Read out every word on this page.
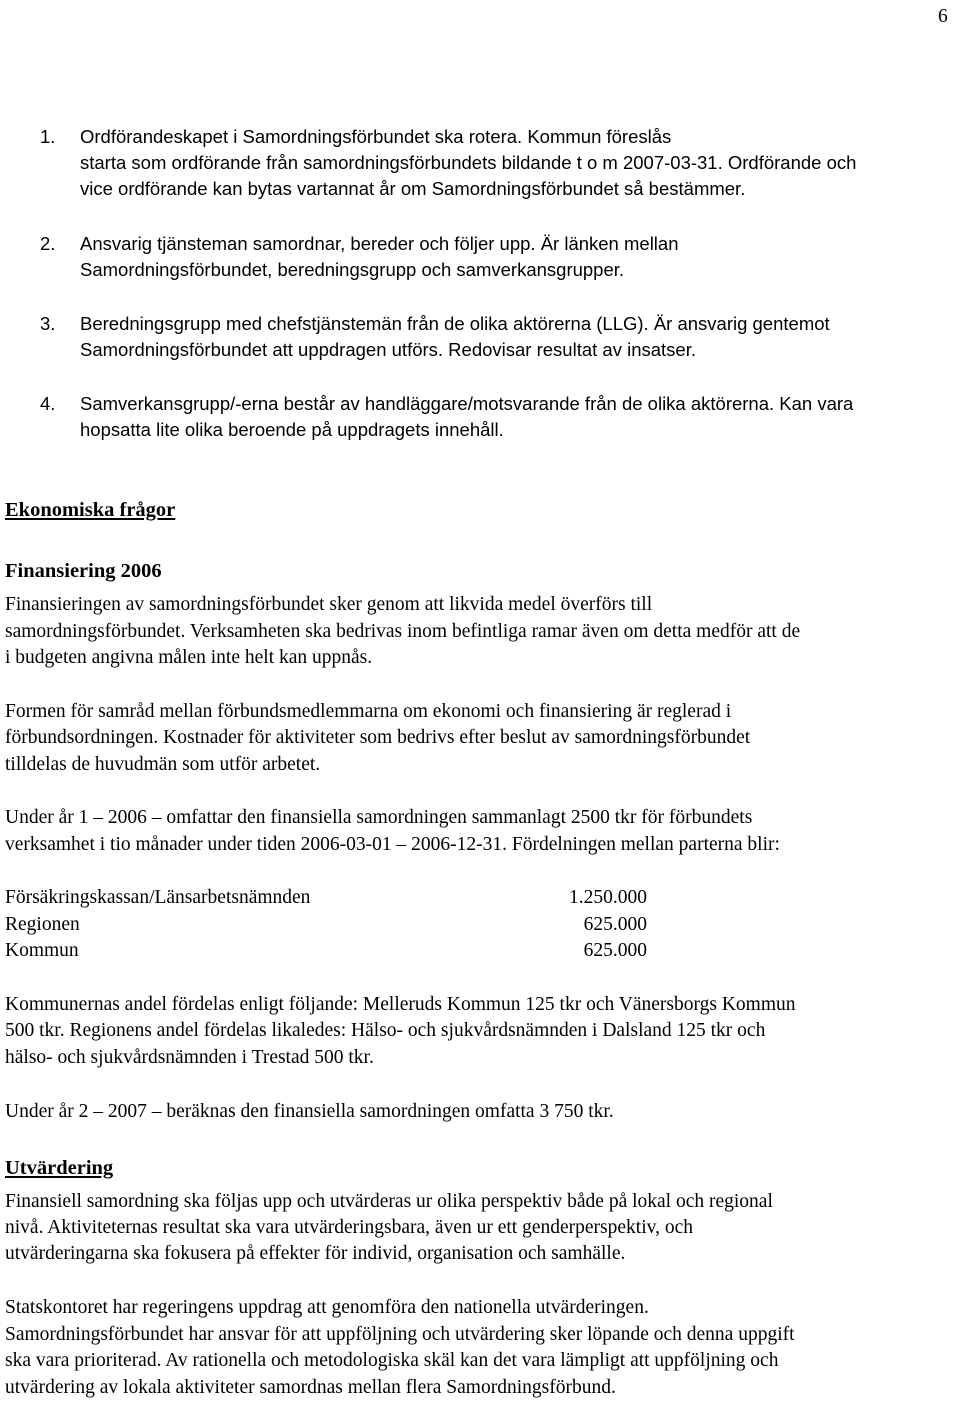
6
1. Ordförandeskapet i Samordningsförbundet ska rotera. Kommun föreslås
starta som ordförande från samordningsförbundets bildande t o m 2007-03-31. Ordförande och
vice ordförande kan bytas vartannat år om Samordningsförbundet så bestämmer.
2. Ansvarig tjänsteman samordnar, bereder och följer upp. Är länken mellan
Samordningsförbundet, beredningsgrupp och samverkansgrupper.
3. Beredningsgrupp med chefstjänstemän från de olika aktörerna (LLG). Är ansvarig gentemot
Samordningsförbundet att uppdragen utförs. Redovisar resultat av insatser.
4. Samverkansgrupp/-erna består av handläggare/motsvarande från de olika aktörerna. Kan vara
hopsatta lite olika beroende på uppdragets innehåll.
Ekonomiska frågor
Finansiering 2006
Finansieringen av samordningsförbundet sker genom att likvida medel överförs till
samordningsförbundet. Verksamheten ska bedrivas inom befintliga ramar även om detta medför att de
i budgeten angivna målen inte helt kan uppnås.
Formen för samråd mellan förbundsmedlemmarna om ekonomi och finansiering är reglerad i
förbundsordningen. Kostnader för aktiviteter som bedrivs efter beslut av samordningsförbundet
tilldelas de huvudmän som utför arbetet.
Under år 1 – 2006 – omfattar den finansiella samordningen sammanlagt 2500 tkr för förbundets
verksamhet i tio månader under tiden 2006-03-01 – 2006-12-31. Fördelningen mellan parterna blir:
Försäkringskassan/Länsarbetsnämnden	1.250.000
Regionen	625.000
Kommun	625.000
Kommunernas andel fördelas enligt följande: Melleruds Kommun 125 tkr och Vänersborgs Kommun
500 tkr. Regionens andel fördelas likaledes: Hälso- och sjukvårdsnämnden i Dalsland 125 tkr och
hälso- och sjukvårdsnämnden i Trestad 500 tkr.
Under år 2 – 2007 – beräknas den finansiella samordningen omfatta 3 750 tkr.
Utvärdering
Finansiell samordning ska följas upp och utvärderas ur olika perspektiv både på lokal och regional
nivå. Aktiviteternas resultat ska vara utvärderingsbara, även ur ett genderperspektiv, och
utvärderingarna ska fokusera på effekter för individ, organisation och samhälle.
Statskontoret har regeringens uppdrag att genomföra den nationella utvärderingen.
Samordningsförbundet har ansvar för att uppföljning och utvärdering sker löpande och denna uppgift
ska vara prioriterad. Av rationella och metodologiska skäl kan det vara lämpligt att uppföljning och
utvärdering av lokala aktiviteter samordnas mellan flera Samordningsförbund.
